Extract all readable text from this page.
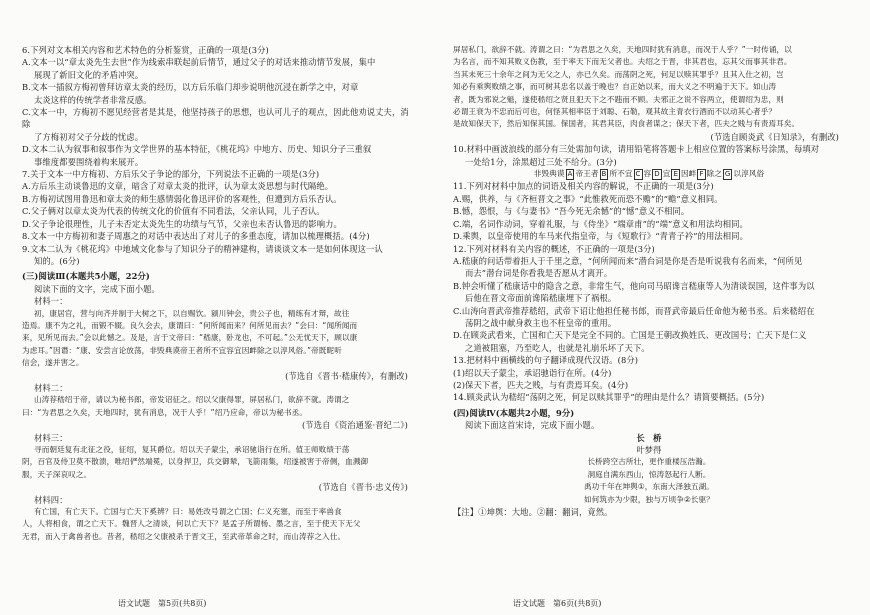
6.下列对文本相关内容和艺术特色的分析鉴赏，正确的一项是(3分)

A.文本一以“章太炎先生去世”作为线索串联起前后情节，通过父子的对话来推动情节发展，集中

展现了新旧文化的矛盾冲突。

B.文本一插叙方梅初曾拜访章太炎的经历，以方后乐临门却步说明他沉浸在新学之中，对章

太炎这样的传统学者非常反感。

C.文本一中，方梅初不愿见经营者是其是，他坚持孩子的思想，也认可儿子的观点，因此他劝说丈夫，消除

了方梅初对父子分歧的忧虑。

D.文本二认为叙事和叙事作为文学世界的基本特征，《桃花坞》中地方、历史、知识分子三重叙

事维度都要围绕着构来展开。

7.关于文本一中方梅初、方后乐父子争论的部分，下列说法不正确的一项是(3分)

A.方后乐主动谈鲁迅的文章，暗含了对章太炎的批评，认为章太炎思想与时代隔绝。

B.方梅初试图用鲁迅和章太炎的师生感情弱化鲁迅评价的客观性，但遭到方后乐否认。

C.父子俩对以章太炎为代表的传统文化的价值有不同看法，父亲认同，儿子否认。

D.父子争论很理性，儿子未否定太炎先生的功绩与气节，父亲也未否认鲁迅的影响力。

8.文本一中方梅初和妻子周惠之的对话中表达出了对儿子的多重态度，请加以梳理概括。(4分)

9.文本二认为《桃花坞》中地域文化参与了知识分子的精神建构，请谈谈文本一是如何体现这一认

知的。(6分)

(三)阅读Ⅲ(本题共5小题，22分)

阅读下面的文字，完成下面小题。

材料一：

初，康居官，营与向齐并制于大树之下，以自赐饮。颍川钟会，贵公子也，精练有才辩，故往

造焉。康不为之礼，而锻不辍。良久会去，康谓曰：“何所闻而来？何所见而去？”会曰：“闻所闻而

来，见所见而去。”会以此憾之。及是，言于文帝曰：“嵇康，卧龙也，不可起。”公无忧天下，顾以康

为虑耳。”因谮：“康、安尝言论放荡，非毁典谟帝王者所不宜容宜因衅除之以淳风俗。”帝既昵听

信会，遂并害之。

(节选自《晋书·嵇康传》，有删改)

材料二：

山涛荐嵇绍于帝，请以为秘书郎，帝发诏征之。绍以父康得罪，屏居私门，欲辞不就。涛谓之

曰：“为君思之久矣，天地四时，犹有消息，况于人乎！”绍乃应命，帝以为秘书丞。

(节选自《资治通鉴·晋纪二》)

材料三：

寻而朝廷复有北征之役，征绍，复其爵位。绍以天子蒙尘，承诏驰诣行在所。值王师败绩于荡

阴，百官及侍卫莫不散溃，唯绍俨然端冕，以身捍卫，兵交御辇，飞箭雨集，绍遂被害于帝侧，血溅御

服，天子深哀叹之。

(节选自《晋书·忠义传》)

材料四：

有亡国，有亡天下。亡国与亡天下奚辨？曰：易姓改号谓之亡国；仁义充塞，而至于率兽食

人，人将相食，谓之亡天下。魏晋人之清谈，何以亡天下？是孟子所谓杨、墨之言，至于使天下无父

无君，而入于禽兽者也。昔者，嵇绍之父康被杀于晋文王，至武帝革命之时，而山涛荐之入仕。

语文试题　第5页(共8页)

屏居私门，欲辞不就。涛谓之曰：“为君思之久矣，天地四时犹有消息，而况于人乎？”一时传诵，以

为名言，而不知其败义伤教，至于率天下而无父者也。夫绍之于晋，非其君也，忘其父而事其非君。

当其未死三十余年之间为无父之人，亦已久矣。而荡阴之死，何足以赎其罪乎？且其入仕之初，岂

知必有乘舆败绩之事，而可树其忠名以盖于晚也？自正始以来，而大义之不明遍于天下。如山涛

者，既为邪说之魁，遂使嵇绍之贤且犯天下之不韪而不顾。夫邪正之说不容两立，使谓绍为忠，则

必谓王衰为不忠而后可也，何怪其相率臣于刘聪、石勒，观其故主青衣行酒而不以动其心者乎？

是故知保天下，然后知保其国。保国者，其君其臣，肉食者谋之；保天下者，匹夫之贱与有责焉耳矣。

(节选自顾炎武《日知录》，有删改)

10.材料中画波浪线的部分有三处需加句读，请用铅笔将答题卡上相应位置的答案标号涂黑，每填对

一处给1分，涂黑超过三处不给分。(3分)

非毁典谟 A 帝王者 B 所不宜 C 容 D 宜 E 因衅 F 除之 G 以淳风俗

11.下列对材料中加点的词语及相关内容的解说，不正确的一项是(3分)

A.赐，供养，与《齐桓晋文之事》“此惟救死而恐不赡”的“赡”意义相同。

B.憾，怨恨，与《与妻书》“吾今死无余憾”的“憾”意义不相同。

C.端，名词作动词，穿着礼服，与《侍坐》“端章甫”的“端”意义和用法均相同。

D.乘舆，以皇帝使用的车马来代指皇帝，与《短歌行》“青青子衿”的用法相同。

12.下列对材料有关内容的概述，不正确的一项是(3分)

A.嵇康的问话带着拒人于千里之意，“何所闻而来”潜台词是你是否是听说我有名而来，“何所见

而去”潜台词是你看我是否愿从才离开。

B.钟会听懂了嵇康话中的隐含之意，非常生气，他向司马昭谗言嵇康等人为清谈误国，这件事为以

后他在晋文帝面前谗陷嵇康埋下了祸根。

C.山涛向晋武帝推荐嵇绍，武帝下诏让他担任秘书郎，而晋武帝最后任命他为秘书丞。后来嵇绍在

荡阴之战中献身救主也不枉皇帝的重用。

D.在顾炎武看来，亡国和亡天下是完全不同的。亡国是王朝改换姓氏、更改国号；亡天下是仁义

之道被阻塞，乃至吃人，也就是礼崩乐坏了天下。

13.把材料中画横线的句子翻译成现代汉语。(8分)

(1)绍以天子蒙尘，承诏驰诣行在所。(4分)

(2)保天下者，匹夫之贱，与有责焉耳矣。(4分)

14.顾炎武认为嵇绍“荡阴之死，何足以赎其罪乎”的理由是什么？请简要概括。(5分)

(四)阅读Ⅳ(本题共2小题，9分)

阅读下面这首宋诗，完成下面小题。

长　桥

叶梦得

长桥跨空古所壮，更作重楼压浩瀚。

洞庭自满东西山，惊涛怒起行人断。

禹功千年在坤舆①，东南大泽独五湖。

如何筑亦为少限，独与万顷争②长驱？

【注】①坤舆：大地。②翻：翻词，竟然。

语文试题　第6页(共8页)
